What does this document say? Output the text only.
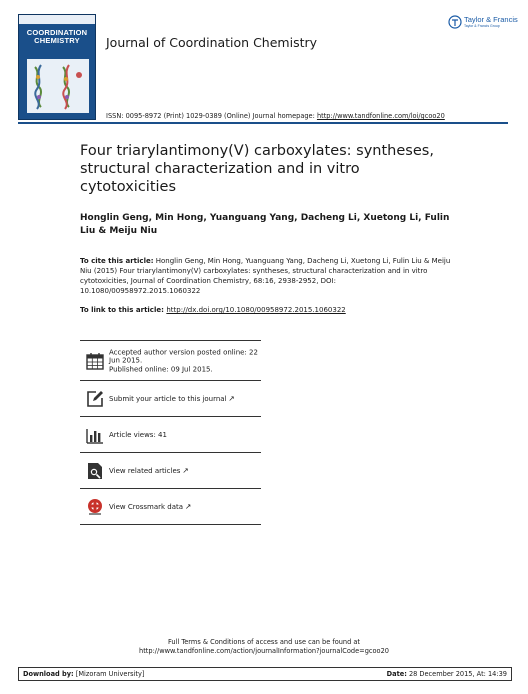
COORDINATION CHEMISTRY	Journal of Coordination Chemistry
Taylor & Francis
Taylor & Francis Group
ISSN: 0095-8972 (Print) 1029-0389 (Online) Journal homepage: http://www.tandfonline.com/loi/gcoo20
Four triarylantimony(V) carboxylates: syntheses, structural characterization and in vitro cytotoxicities
Honglin Geng, Min Hong, Yuanguang Yang, Dacheng Li, Xuetong Li, Fulin Liu & Meiju Niu
To cite this article: Honglin Geng, Min Hong, Yuanguang Yang, Dacheng Li, Xuetong Li, Fulin Liu & Meiju Niu (2015) Four triarylantimony(V) carboxylates: syntheses, structural characterization and in vitro cytotoxicities, Journal of Coordination Chemistry, 68:16, 2938-2952, DOI: 10.1080/00958972.2015.1060322
To link to this article: http://dx.doi.org/10.1080/00958972.2015.1060322
Accepted author version posted online: 22 Jun 2015.
Published online: 09 Jul 2015.
Submit your article to this journal ↗
Article views: 41
View related articles ↗
View Crossmark data ↗
Full Terms & Conditions of access and use can be found at
http://www.tandfonline.com/action/journalInformation?journalCode=gcoo20
Download by: [Mizoram University]	Date: 28 December 2015, At: 14:39
